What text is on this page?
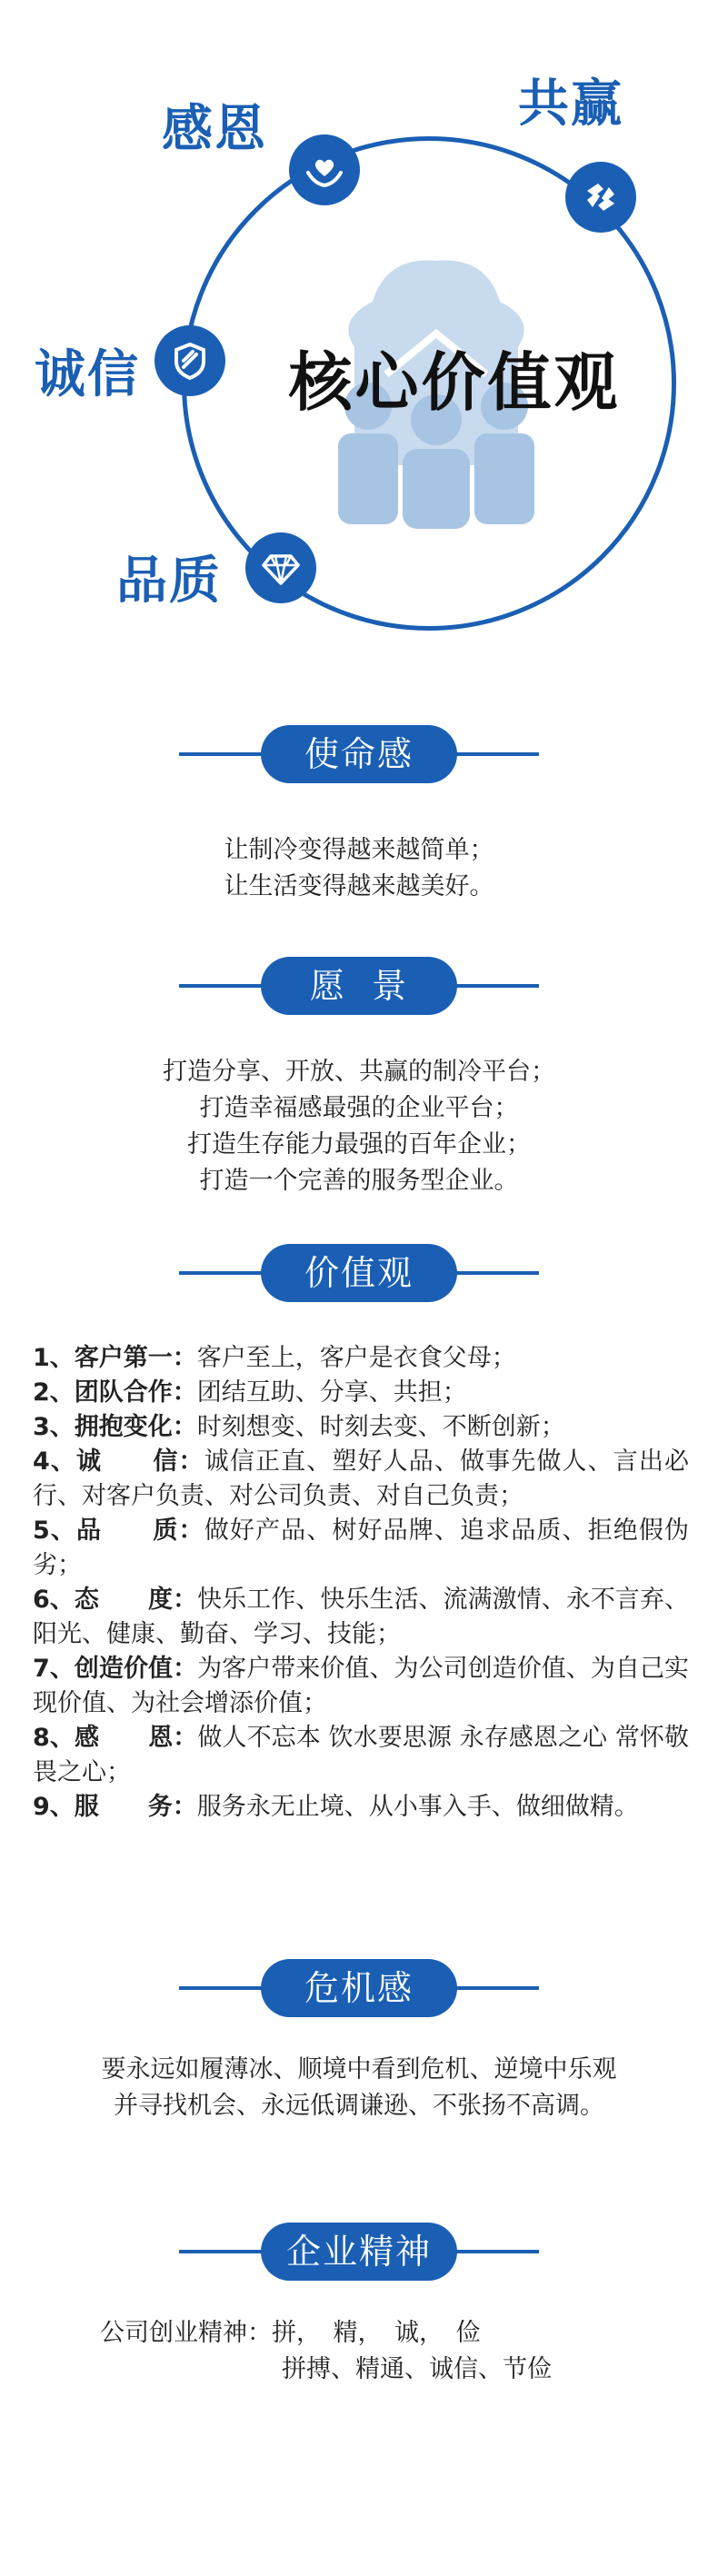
核心价值观
感恩	共赢
诚信
品质
使命感
让制冷变得越来越简单；
让生活变得越来越美好。
愿  景
打造分享、开放、共赢的制冷平台；
打造幸福感最强的企业平台；
打造生存能力最强的百年企业；
打造一个完善的服务型企业。
价值观

1、客户第一：客户至上，客户是衣食父母；

2、团队合作：团结互助、分享、共担；

3、拥抱变化：时刻想变、时刻去变、不断创新；

4、诚　　信：诚信正直、塑好人品、做事先做人、言出必行、对客户负责、对公司负责、对自己负责；

5、品　　质：做好产品、树好品牌、追求品质、拒绝假伪劣；

6、态　　度：快乐工作、快乐生活、流满激情、永不言弃、阳光、健康、勤奋、学习、技能；

7、创造价值：为客户带来价值、为公司创造价值、为自己实现价值、为社会增添价值；

8、感　　恩：做人不忘本 饮水要思源 永存感恩之心 常怀敬畏之心；

9、服　　务：服务永无止境、从小事入手、做细做精。

危机感
要永远如履薄冰、顺境中看到危机、逆境中乐观
并寻找机会、永远低调谦逊、不张扬不高调。
企业精神
公司创业精神：拼，　精，　诚，　俭
拼搏、精通、诚信、节俭
